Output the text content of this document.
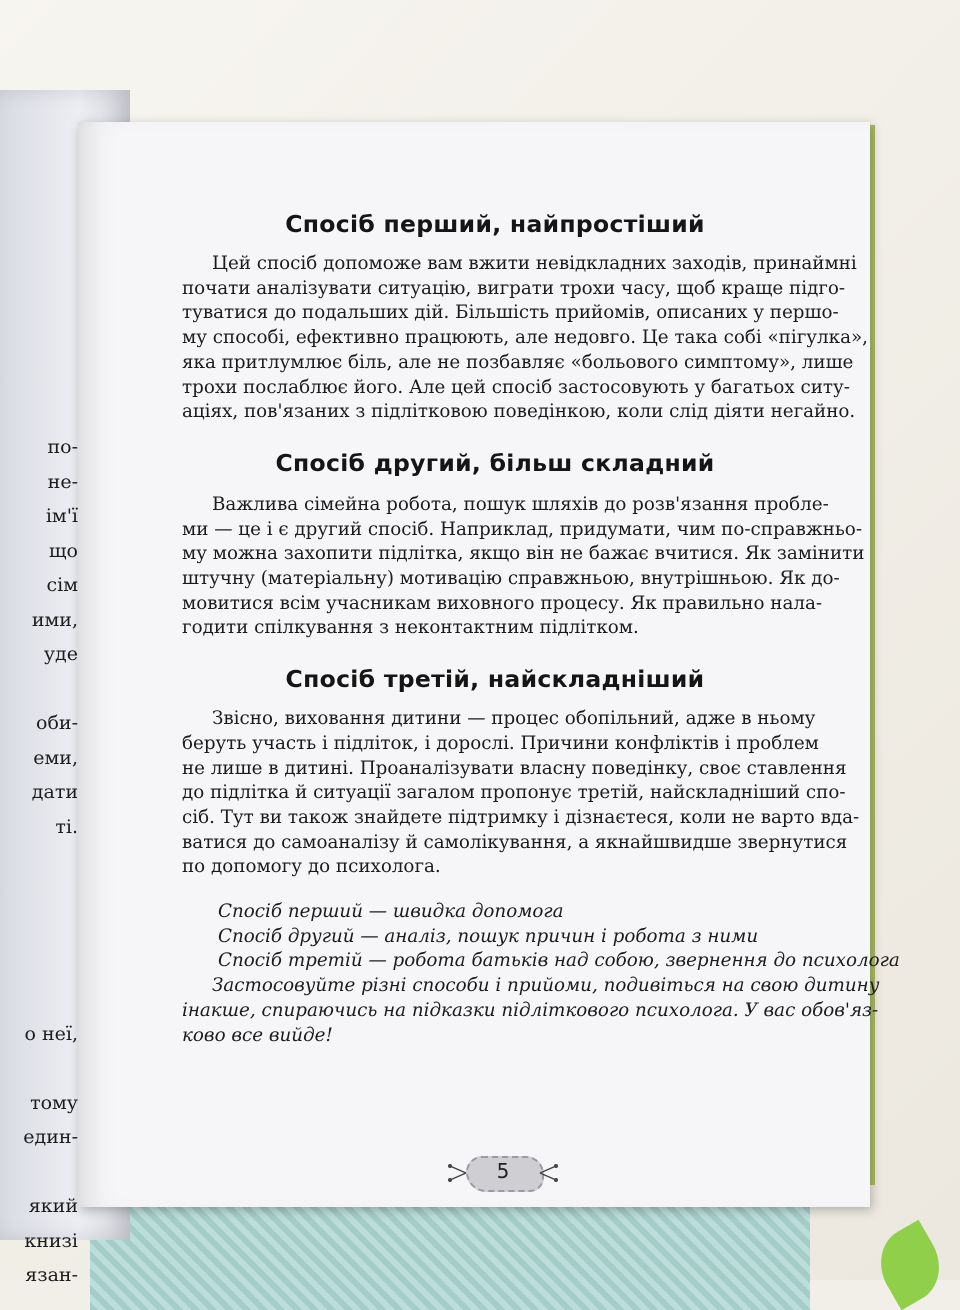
по-
не-
ім'ї
що
сім
ими,
уде
оби-
еми,
дати
ті.
о неї,
тому
един-
який
книзі
язан-
Спосіб перший, найпростіший

Цей спосіб допоможе вам вжити невідкладних заходів, принаймні
почати аналізувати ситуацію, виграти трохи часу, щоб краще підго-
туватися до подальших дій. Більшість прийомів, описаних у першо-
му способі, ефективно працюють, але недовго. Це така собі «пігулка»,
яка притлумлює біль, але не позбавляє «больового симптому», лише
трохи послаблює його. Але цей спосіб застосовують у багатьох ситу-
аціях, пов'язаних з підлітковою поведінкою, коли слід діяти негайно.

Спосіб другий, більш складний

Важлива сімейна робота, пошук шляхів до розв'язання пробле-
ми — це і є другий спосіб. Наприклад, придумати, чим по-справжньо-
му можна захопити підлітка, якщо він не бажає вчитися. Як замінити
штучну (матеріальну) мотивацію справжньою, внутрішньою. Як до-
мовитися всім учасникам виховного процесу. Як правильно нала-
годити спілкування з неконтактним підлітком.

Спосіб третій, найскладніший

Звісно, виховання дитини — процес обопільний, адже в ньому
беруть участь і підліток, і дорослі. Причини конфліктів і проблем
не лише в дитині. Проаналізувати власну поведінку, своє ставлення
до підлітка й ситуації загалом пропонує третій, найскладніший спо-
сіб. Тут ви також знайдете підтримку і дізнаєтеся, коли не варто вда-
ватися до самоаналізу й самолікування, а якнайшвидше звернутися
по допомогу до психолога.

Спосіб перший — швидка допомога
Спосіб другий — аналіз, пошук причин і робота з ними
Спосіб третій — робота батьків над собою, звернення до психолога

Застосовуйте різні способи і прийоми, подивіться на свою дитину
інакше, спираючись на підказки підліткового психолога. У вас обов'яз-
ково все вийде!

5
